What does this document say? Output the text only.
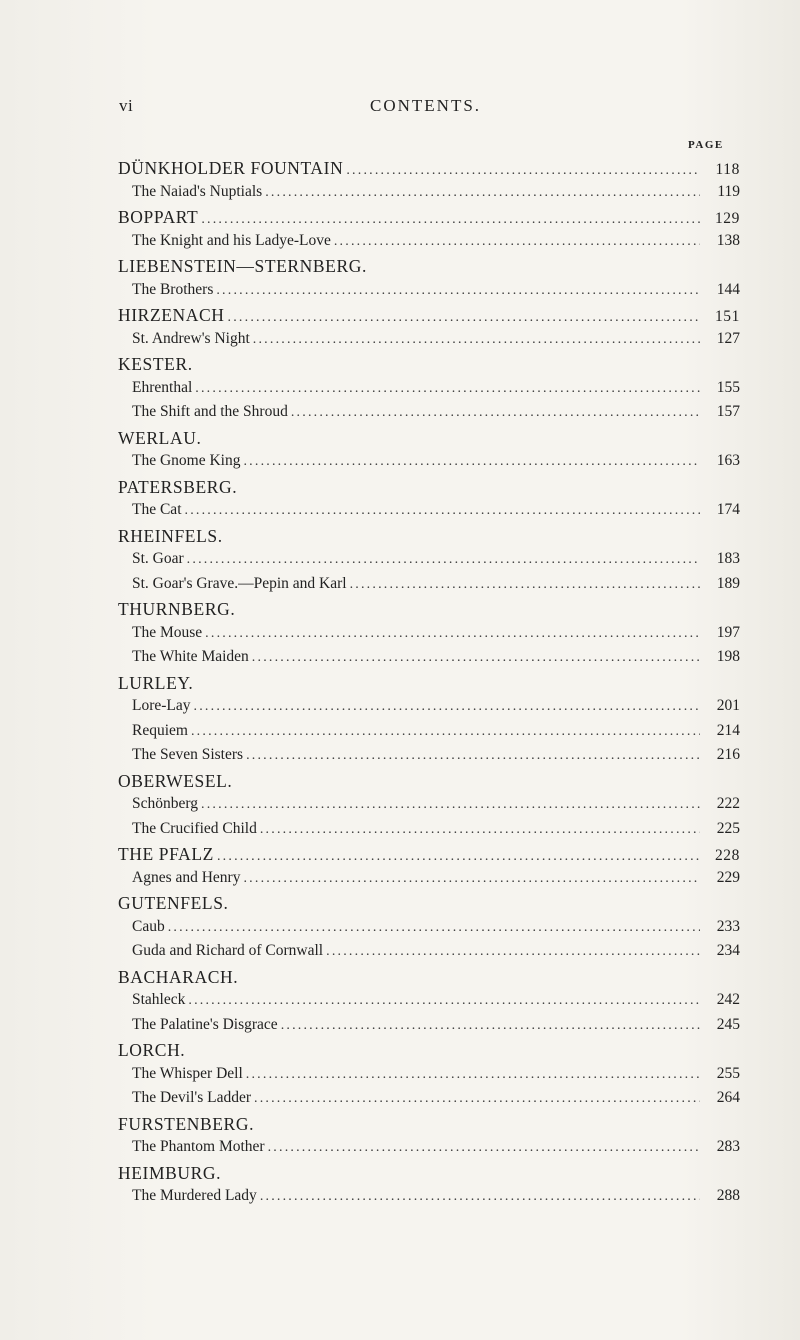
vi	CONTENTS.
PAGE
DÜNKHOLDER FOUNTAIN .....	118
The Naiad's Nuptials .....	119
BOPPART .....	129
The Knight and his Ladye-Love .....	138
LIEBENSTEIN—STERNBERG.
The Brothers .....	144
HIRZENACH .....	151
St. Andrew's Night .....	127
KESTER.
Ehrenthal .....	155
The Shift and the Shroud .....	157
WERLAU.
The Gnome King .....	163
PATERSBERG.
The Cat .....	174
RHEINFELS.
St. Goar .....	183
St. Goar's Grave.—Pepin and Karl .....	189
THURNBERG.
The Mouse .....	197
The White Maiden .....	198
LURLEY.
Lore-Lay .....	201
Requiem .....	214
The Seven Sisters .....	216
OBERWESEL.
Schönberg .....	222
The Crucified Child .....	225
THE PFALZ .....	228
Agnes and Henry .....	229
GUTENFELS.
Caub .....	233
Guda and Richard of Cornwall .....	234
BACHARACH.
Stahleck .....	242
The Palatine's Disgrace .....	245
LORCH.
The Whisper Dell .....	255
The Devil's Ladder .....	264
FURSTENBERG.
The Phantom Mother .....	283
HEIMBURG.
The Murdered Lady .....	288
